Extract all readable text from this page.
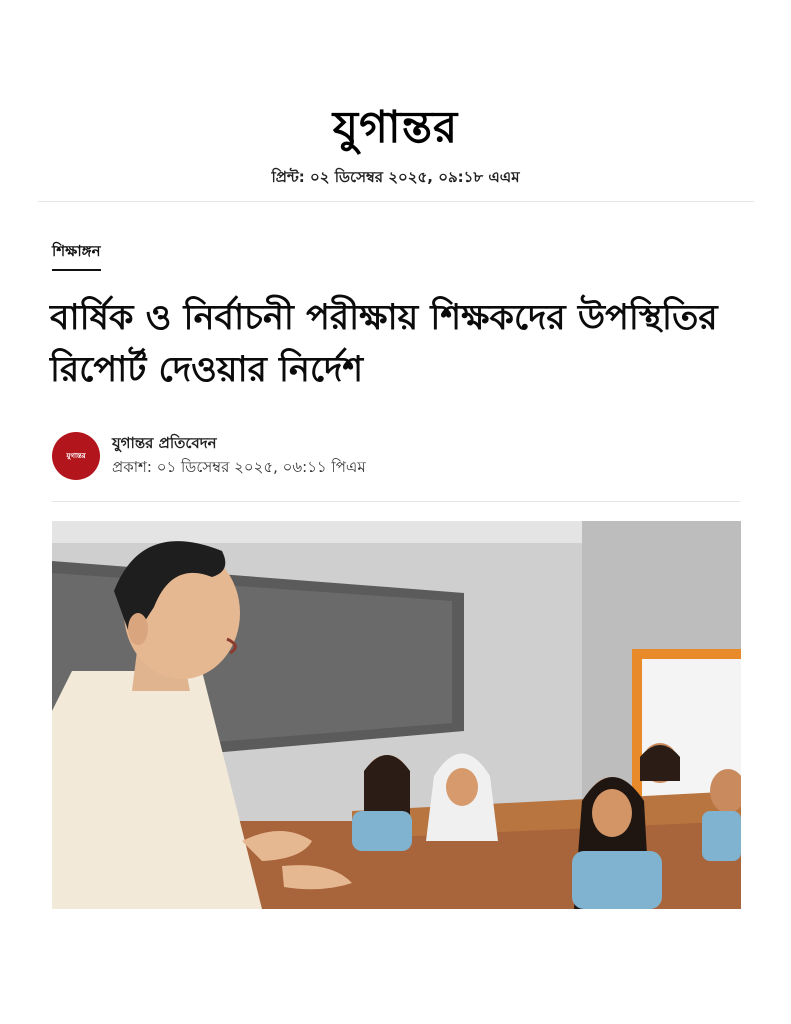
যুগান্তর
প্রিন্ট: ০২ ডিসেম্বর ২০২৫, ০৯:১৮ এএম
শিক্ষাঙ্গন
বার্ষিক ও নির্বাচনী পরীক্ষায় শিক্ষকদের উপস্থিতির রিপোর্ট দেওয়ার নির্দেশ
যুগান্তর
যুগান্তর প্রতিবেদন
প্রকাশ: ০১ ডিসেম্বর ২০২৫, ০৬:১১ পিএম
